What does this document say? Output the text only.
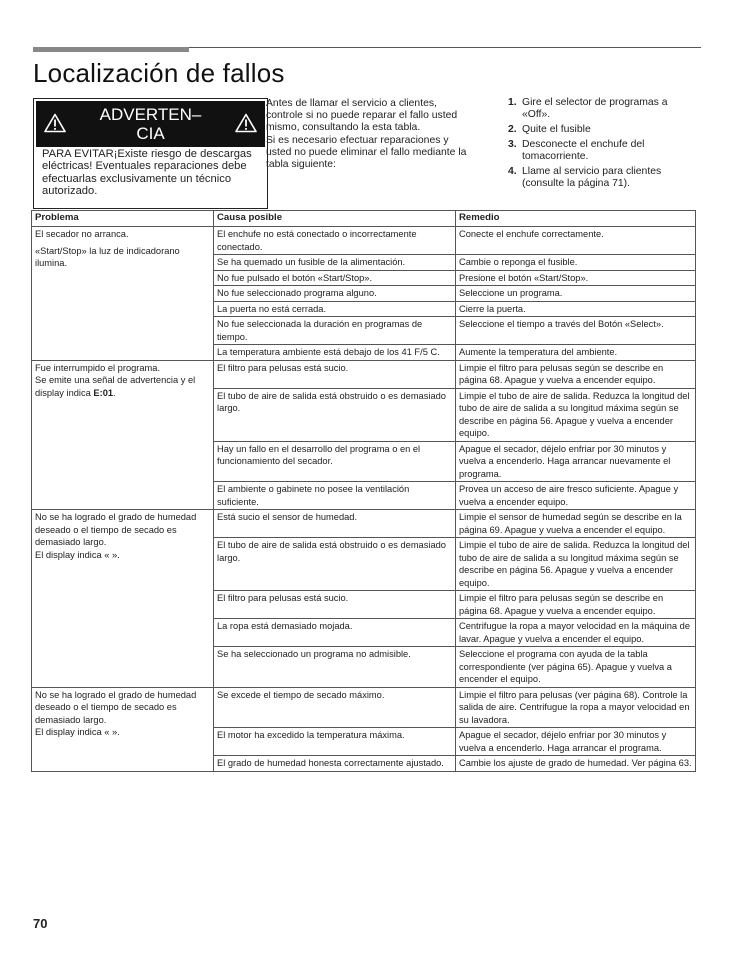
Localización de fallos
ADVERTEN–
CIA
PARA EVITAR¡Existe riesgo de descargas eléctricas! Eventuales reparaciones debe efectuarlas exclusivamente un técnico autorizado.

Antes de llamar el servicio a clientes, controle si no puede reparar el fallo usted mismo, consultando la esta tabla.

Si es necesario efectuar reparaciones y usted no puede eliminar el fallo mediante la tabla siguiente:

1. Gire el selector de programas a «Off».
2. Quite el fusible
3. Desconecte el enchufe del tomacorriente.
4. Llame al servicio para clientes (consulte la página 71).
Problema	Causa posible	Remedio

El secador no arranca.
«Start/Stop» la luz de indicadorano ilumina.	El enchufe no está conectado o incorrectamente conectado.	Conecte el enchufe correctamente.
	Se ha quemado un fusible de la alimentación.	Cambie o reponga el fusible.
	No fue pulsado el botón «Start/Stop».	Presione el botón «Start/Stop».
	No fue seleccionado programa alguno.	Seleccione un programa.
	La puerta no está cerrada.	Cierre la puerta.
	No fue seleccionada la duración en programas de tiempo.	Seleccione el tiempo a través del Botón «Select».
	La temperatura ambiente está debajo de los 41 F/5 C.	Aumente la temperatura del ambiente.

Fue interrumpido el programa.
Se emite una señal de advertencia y el display indica E:01.	El filtro para pelusas está sucio.	Limpie el filtro para pelusas según se describe en página 68. Apague y vuelva a encender equipo.
	El tubo de aire de salida está obstruido o es demasiado largo.	Limpie el tubo de aire de salida. Reduzca la longitud del tubo de aire de salida a su longitud máxima según se describe en página 56. Apague y vuelva a encender equipo.
	Hay un fallo en el desarrollo del programa o en el funcionamiento del secador.	Apague el secador, déjelo enfriar por 30 minutos y vuelva a encenderlo. Haga arrancar nuevamente el programa.
	El ambiente o gabinete no posee la ventilación suficiente.	Provea un acceso de aire fresco suficiente. Apague y vuelva a encender equipo.

No se ha logrado el grado de humedad deseado o el tiempo de secado es demasiado largo.
El display indica « ».	Está sucio el sensor de humedad.	Limpie el sensor de humedad según se describe en la página 69. Apague y vuelva a encender el equipo.
	El tubo de aire de salida está obstruido o es demasiado largo.	Limpie el tubo de aire de salida. Reduzca la longitud del tubo de aire de salida a su longitud máxima según se describe en página 56. Apague y vuelva a encender equipo.
	El filtro para pelusas está sucio.	Limpie el filtro para pelusas según se describe en página 68. Apague y vuelva a encender equipo.
	La ropa está demasiado mojada.	Centrifugue la ropa a mayor velocidad en la máquina de lavar. Apague y vuelva a encender el equipo.
	Se ha seleccionado un programa no admisible.	Seleccione el programa con ayuda de la tabla correspondiente (ver página 65). Apague y vuelva a encender el equipo.

No se ha logrado el grado de humedad deseado o el tiempo de secado es demasiado largo.
El display indica « ».	Se excede el tiempo de secado máximo.	Limpie el filtro para pelusas (ver página 68). Controle la salida de aire. Centrifugue la ropa a mayor velocidad en su lavadora.
	El motor ha excedido la temperatura máxima.	Apague el secador, déjelo enfriar por 30 minutos y vuelva a encenderlo. Haga arrancar el programa.
	El grado de humedad honesta correctamente ajustado.	Cambie los ajuste de grado de humedad. Ver página 63.
70
